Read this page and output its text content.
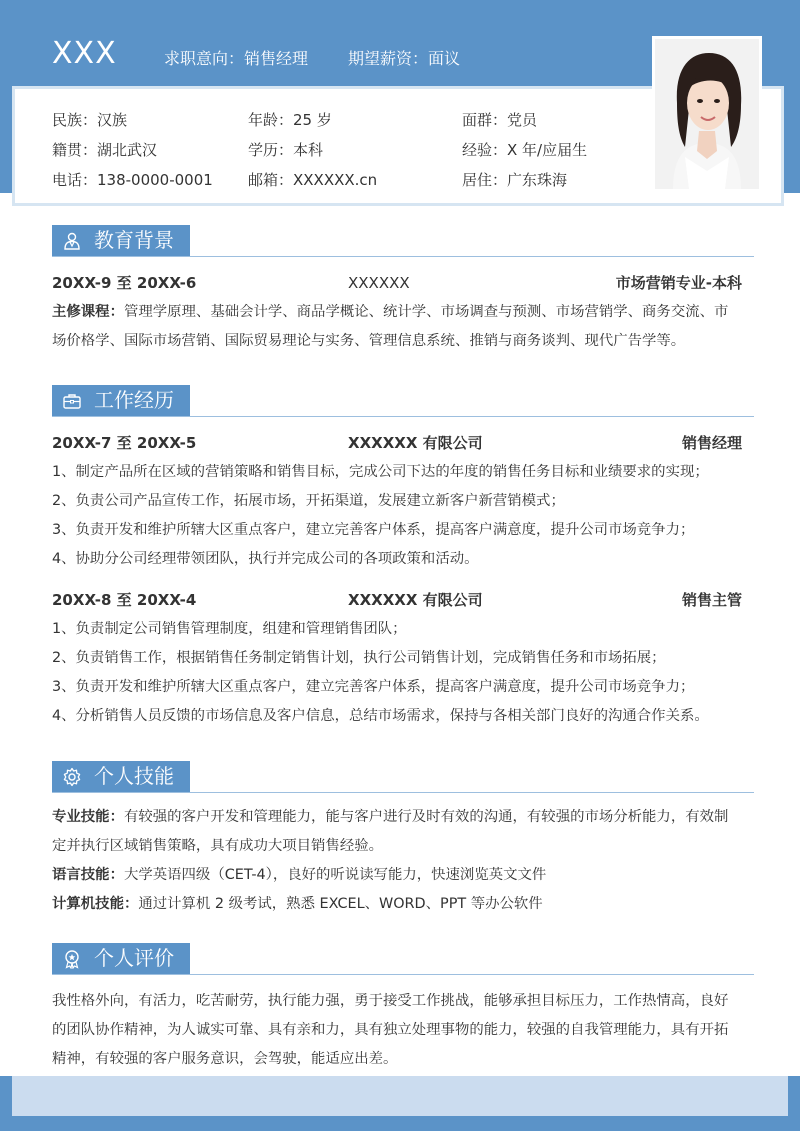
XXX	求职意向：销售经理 期望薪资：面议
民族：汉族	年龄：25 岁	面群：党员
籍贯：湖北武汉	学历：本科	经验：X 年/应届生
电话：138-0000-0001 邮箱：XXXXXX.cn	居住：广东珠海
教育背景
20XX-9 至 20XX-6	XXXXXX	市场营销专业-本科
主修课程：管理学原理、基础会计学、商品学概论、统计学、市场调查与预测、市场营销学、商务交流、市
场价格学、国际市场营销、国际贸易理论与实务、管理信息系统、推销与商务谈判、现代广告学等。
工作经历
20XX-7 至 20XX-5	XXXXXX 有限公司	销售经理
1、制定产品所在区域的营销策略和销售目标，完成公司下达的年度的销售任务目标和业绩要求的实现；
2、负责公司产品宣传工作，拓展市场，开拓渠道，发展建立新客户新营销模式；
3、负责开发和维护所辖大区重点客户，建立完善客户体系，提高客户满意度，提升公司市场竞争力；
4、协助分公司经理带领团队，执行并完成公司的各项政策和活动。
20XX-8 至 20XX-4	XXXXXX 有限公司	销售主管
1、负责制定公司销售管理制度，组建和管理销售团队；
2、负责销售工作，根据销售任务制定销售计划，执行公司销售计划，完成销售任务和市场拓展；
3、负责开发和维护所辖大区重点客户，建立完善客户体系，提高客户满意度，提升公司市场竞争力；
4、分析销售人员反馈的市场信息及客户信息，总结市场需求，保持与各相关部门良好的沟通合作关系。
个人技能
专业技能：有较强的客户开发和管理能力，能与客户进行及时有效的沟通，有较强的市场分析能力，有效制
定并执行区域销售策略，具有成功大项目销售经验。
语言技能：大学英语四级（CET-4），良好的听说读写能力，快速浏览英文文件
计算机技能：通过计算机 2 级考试，熟悉 EXCEL、WORD、PPT 等办公软件
个人评价
我性格外向，有活力，吃苦耐劳，执行能力强，勇于接受工作挑战，能够承担目标压力，工作热情高，良好
的团队协作精神，为人诚实可靠、具有亲和力，具有独立处理事物的能力，较强的自我管理能力，具有开拓
精神，有较强的客户服务意识，会驾驶，能适应出差。
